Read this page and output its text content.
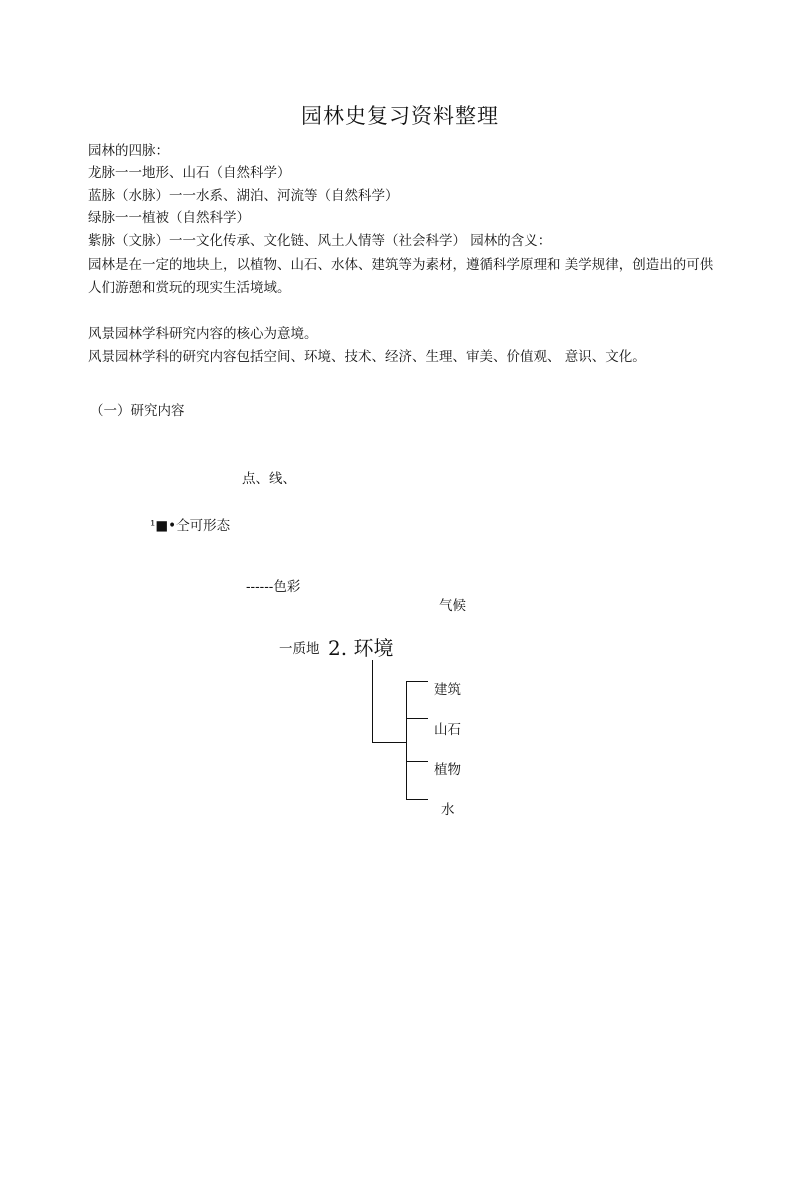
园林史复习资料整理
园林的四脉：
龙脉一一地形、山石（自然科学）
蓝脉（水脉）一一水系、湖泊、河流等（自然科学）
绿脉一一植被（自然科学）
紫脉（文脉）一一文化传承、文化链、风土人情等（社会科学） 园林的含义：
园林是在一定的地块上，以植物、山石、水体、建筑等为素材，遵循科学原理和 美学规律，创造出的可供人们游憩和赏玩的现实生活境域。
风景园林学科研究内容的核心为意境。
风景园林学科的研究内容包括空间、环境、技术、经济、生理、审美、价值观、 意识、文化。
（一）研究内容
点、线、
¹■•仝可形态
------色彩
气候
一质地 2. 环境
建筑
山石
植物
水
